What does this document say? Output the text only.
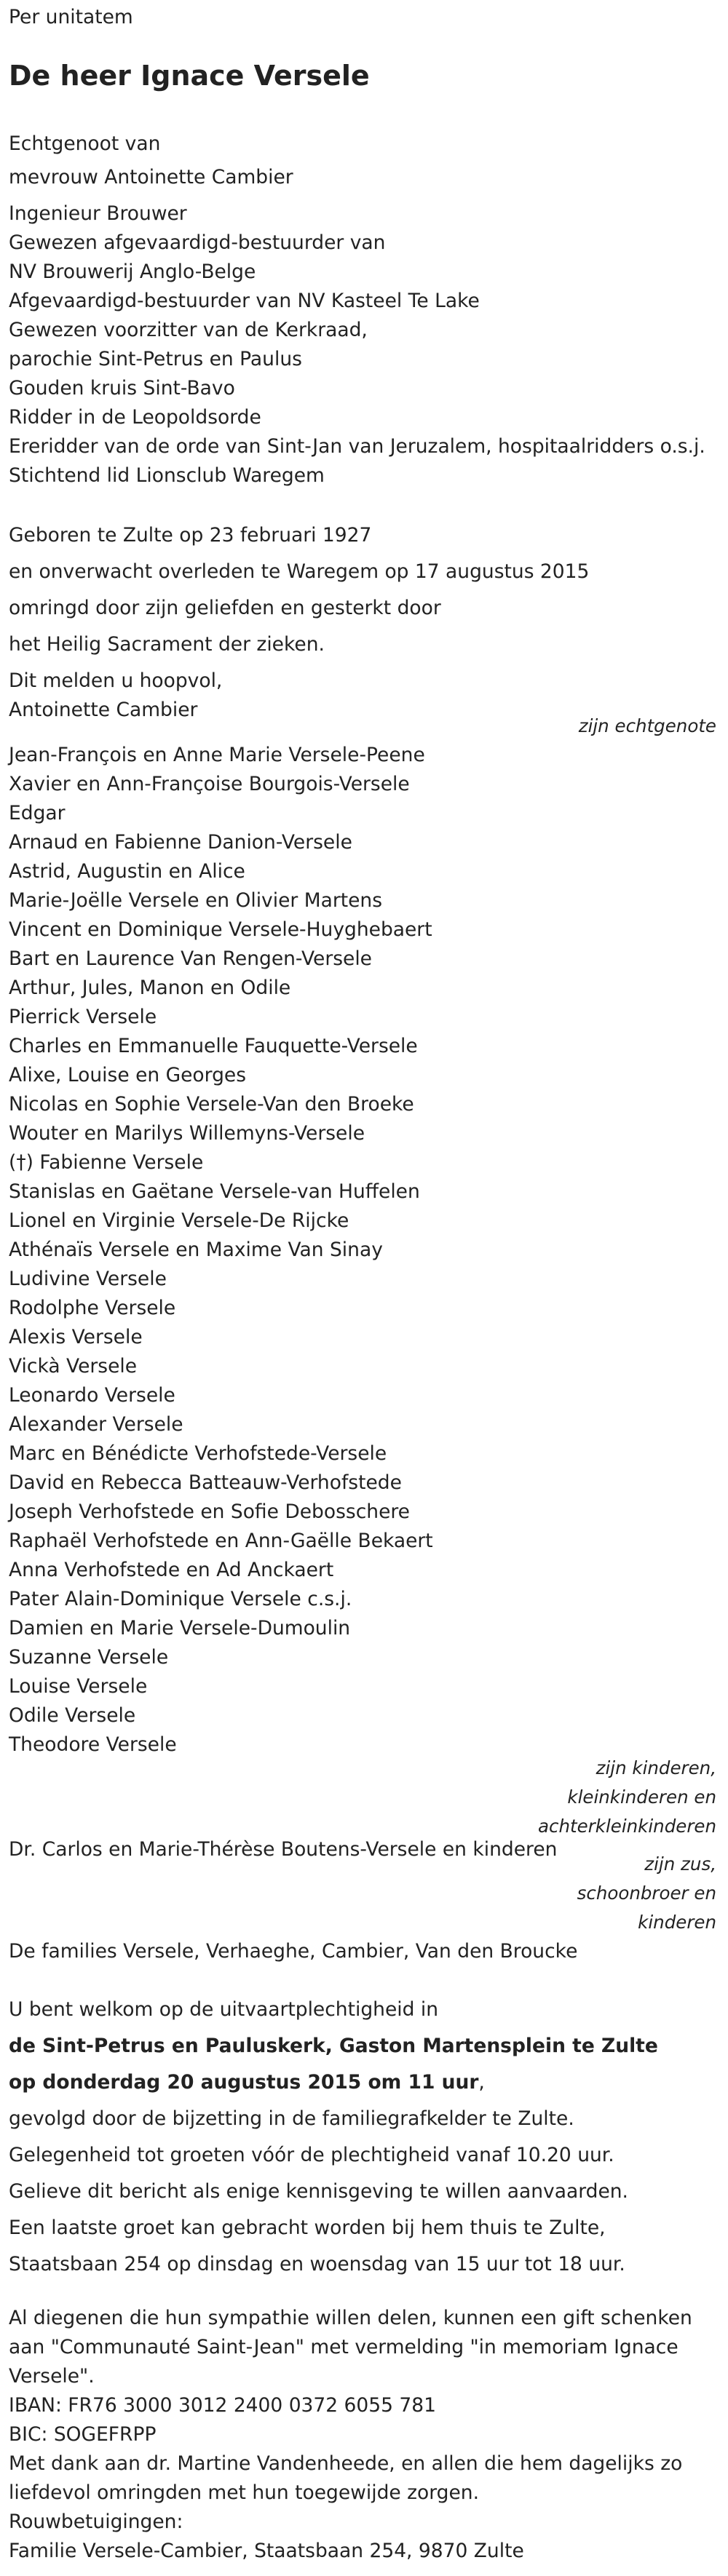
Per unitatem
De heer Ignace Versele
Echtgenoot van
mevrouw Antoinette Cambier
Ingenieur Brouwer
Gewezen afgevaardigd-bestuurder van
NV Brouwerij Anglo-Belge
Afgevaardigd-bestuurder van NV Kasteel Te Lake
Gewezen voorzitter van de Kerkraad,
parochie Sint-Petrus en Paulus
Gouden kruis Sint-Bavo
Ridder in de Leopoldsorde
Ereridder van de orde van Sint-Jan van Jeruzalem, hospitaalridders o.s.j.
Stichtend lid Lionsclub Waregem
Geboren te Zulte op 23 februari 1927
en onverwacht overleden te Waregem op 17 augustus 2015
omringd door zijn geliefden en gesterkt door
het Heilig Sacrament der zieken.
Dit melden u hoopvol,
Antoinette Cambier
zijn echtgenote
Jean-François en Anne Marie Versele-Peene
Xavier en Ann-Françoise Bourgois-Versele
Edgar
Arnaud en Fabienne Danion-Versele
Astrid, Augustin en Alice
Marie-Joëlle Versele en Olivier Martens
Vincent en Dominique Versele-Huyghebaert
Bart en Laurence Van Rengen-Versele
Arthur, Jules, Manon en Odile
Pierrick Versele
Charles en Emmanuelle Fauquette-Versele
Alixe, Louise en Georges
Nicolas en Sophie Versele-Van den Broeke
Wouter en Marilys Willemyns-Versele
(†) Fabienne Versele
Stanislas en Gaëtane Versele-van Huffelen
Lionel en Virginie Versele-De Rijcke
Athénaïs Versele en Maxime Van Sinay
Ludivine Versele
Rodolphe Versele
Alexis Versele
Vickà Versele
Leonardo Versele
Alexander Versele
Marc en Bénédicte Verhofstede-Versele
David en Rebecca Batteauw-Verhofstede
Joseph Verhofstede en Sofie Debosschere
Raphaël Verhofstede en Ann-Gaëlle Bekaert
Anna Verhofstede en Ad Anckaert
Pater Alain-Dominique Versele c.s.j.
Damien en Marie Versele-Dumoulin
Suzanne Versele
Louise Versele
Odile Versele
Theodore Versele
zijn kinderen,
kleinkinderen en
achterkleinkinderen
Dr. Carlos en Marie-Thérèse Boutens-Versele en kinderen
zijn zus,
schoonbroer en
kinderen
De families Versele, Verhaeghe, Cambier, Van den Broucke
U bent welkom op de uitvaartplechtigheid in
de Sint-Petrus en Pauluskerk, Gaston Martensplein te Zulte
op donderdag 20 augustus 2015 om 11 uur,
gevolgd door de bijzetting in de familiegrafkelder te Zulte.
Gelegenheid tot groeten vóór de plechtigheid vanaf 10.20 uur.
Gelieve dit bericht als enige kennisgeving te willen aanvaarden.
Een laatste groet kan gebracht worden bij hem thuis te Zulte,
Staatsbaan 254 op dinsdag en woensdag van 15 uur tot 18 uur.
Al diegenen die hun sympathie willen delen, kunnen een gift schenken aan "Communauté Saint-Jean" met vermelding "in memoriam Ignace Versele".
IBAN: FR76 3000 3012 2400 0372 6055 781
BIC: SOGEFRPP
Met dank aan dr. Martine Vandenheede, en allen die hem dagelijks zo liefdevol omringden met hun toegewijde zorgen.
Rouwbetuigingen:
Familie Versele-Cambier, Staatsbaan 254, 9870 Zulte
